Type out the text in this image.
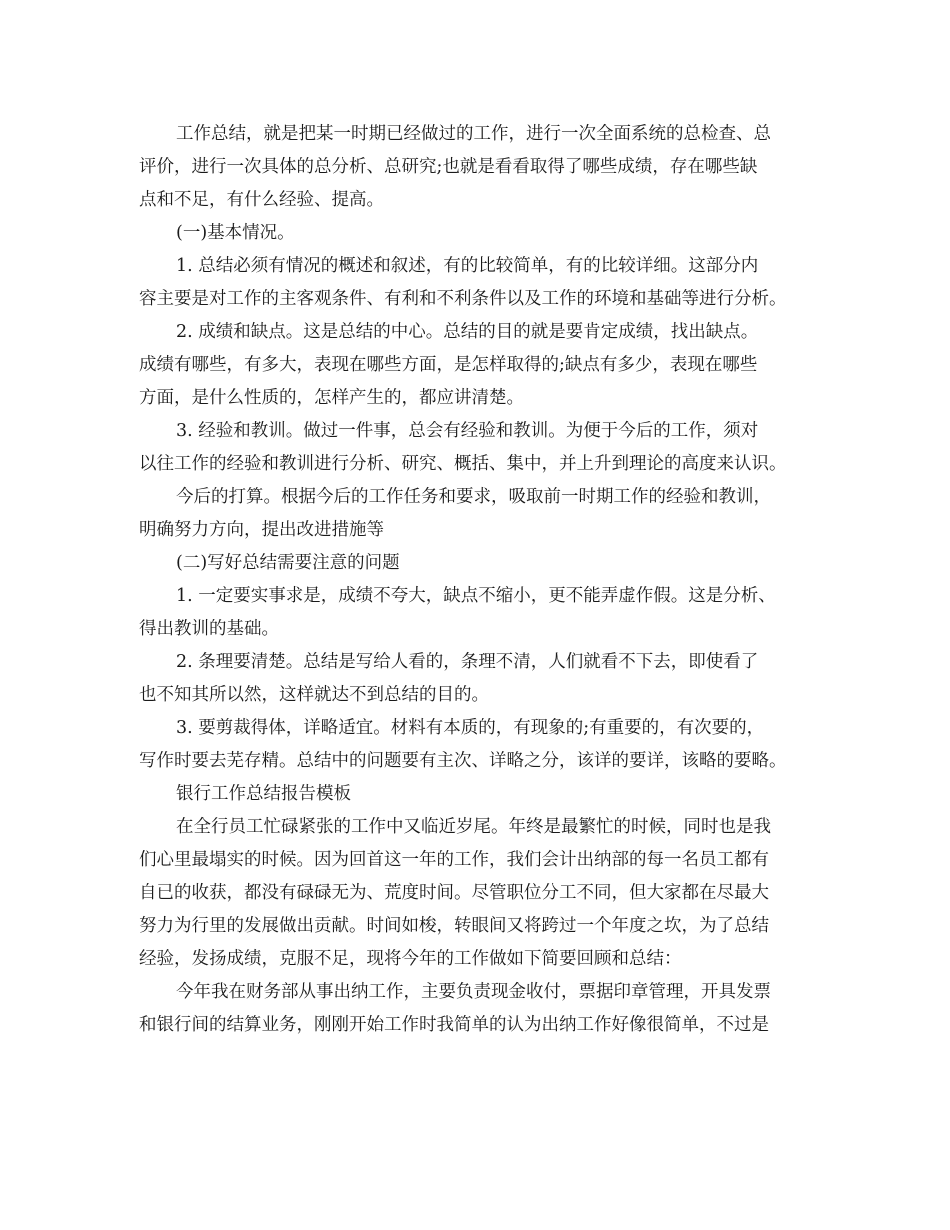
工作总结，就是把某一时期已经做过的工作，进行一次全面系统的总检查、总
评价，进行一次具体的总分析、总研究;也就是看看取得了哪些成绩，存在哪些缺
点和不足，有什么经验、提高。
(一)基本情况。
1. 总结必须有情况的概述和叙述，有的比较简单，有的比较详细。这部分内
容主要是对工作的主客观条件、有利和不利条件以及工作的环境和基础等进行分析。
2. 成绩和缺点。这是总结的中心。总结的目的就是要肯定成绩，找出缺点。
成绩有哪些，有多大，表现在哪些方面，是怎样取得的;缺点有多少，表现在哪些
方面，是什么性质的，怎样产生的，都应讲清楚。
3. 经验和教训。做过一件事，总会有经验和教训。为便于今后的工作，须对
以往工作的经验和教训进行分析、研究、概括、集中，并上升到理论的高度来认识。
今后的打算。根据今后的工作任务和要求，吸取前一时期工作的经验和教训，
明确努力方向，提出改进措施等
(二)写好总结需要注意的问题
1. 一定要实事求是，成绩不夸大，缺点不缩小，更不能弄虚作假。这是分析、
得出教训的基础。
2. 条理要清楚。总结是写给人看的，条理不清，人们就看不下去，即使看了
也不知其所以然，这样就达不到总结的目的。
3. 要剪裁得体，详略适宜。材料有本质的，有现象的;有重要的，有次要的，
写作时要去芜存精。总结中的问题要有主次、详略之分，该详的要详，该略的要略。
银行工作总结报告模板
在全行员工忙碌紧张的工作中又临近岁尾。年终是最繁忙的时候，同时也是我
们心里最塌实的时候。因为回首这一年的工作，我们会计出纳部的每一名员工都有
自已的收获，都没有碌碌无为、荒度时间。尽管职位分工不同，但大家都在尽最大
努力为行里的发展做出贡献。时间如梭，转眼间又将跨过一个年度之坎，为了总结
经验，发扬成绩，克服不足，现将今年的工作做如下简要回顾和总结：
今年我在财务部从事出纳工作，主要负责现金收付，票据印章管理，开具发票
和银行间的结算业务，刚刚开始工作时我简单的认为出纳工作好像很简单，不过是
